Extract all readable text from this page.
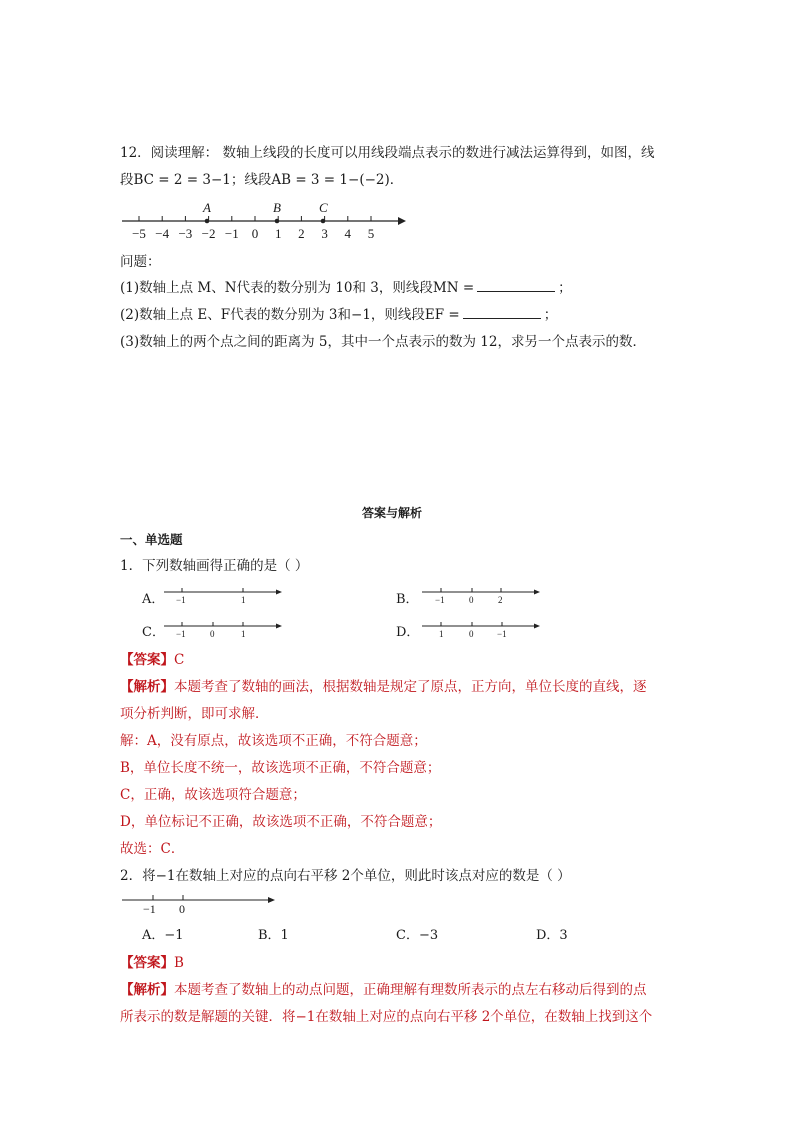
12．阅读理解： 数轴上线段的长度可以用线段端点表示的数进行减法运算得到，如图，线
段BC = 2 = 3−1；线段AB = 3 = 1−(−2)．
−5 −4 −3 −2 −1 0 1 2 3 4 5
A	B	C
问题：
(1)数轴上点 M、N代表的数分别为 10和 3，则线段MN =	；
(2)数轴上点 E、F代表的数分别为 3和−1，则线段EF =	；
(3)数轴上的两个点之间的距离为 5，其中一个点表示的数为 12，求另一个点表示的数．
答案与解析
一、单选题
1．下列数轴画得正确的是（ ）
A．	B．
C．	D．
−1	1	−1	0	2
−1	0	1	1	0	−1
【答案】C
【解析】本题考查了数轴的画法，根据数轴是规定了原点，正方向，单位长度的直线，逐
项分析判断，即可求解．
解：A，没有原点，故该选项不正确，不符合题意；
B，单位长度不统一，故该选项不正确，不符合题意；
C，正确，故该选项符合题意；
D，单位标记不正确，故该选项不正确，不符合题意；
故选：C．
2．将−1在数轴上对应的点向右平移 2个单位，则此时该点对应的数是（ ）
−1 0
A．−1	B．1	C．−3	D．3
【答案】B
【解析】本题考查了数轴上的动点问题，正确理解有理数所表示的点左右移动后得到的点
所表示的数是解题的关键．将−1在数轴上对应的点向右平移 2个单位，在数轴上找到这个
